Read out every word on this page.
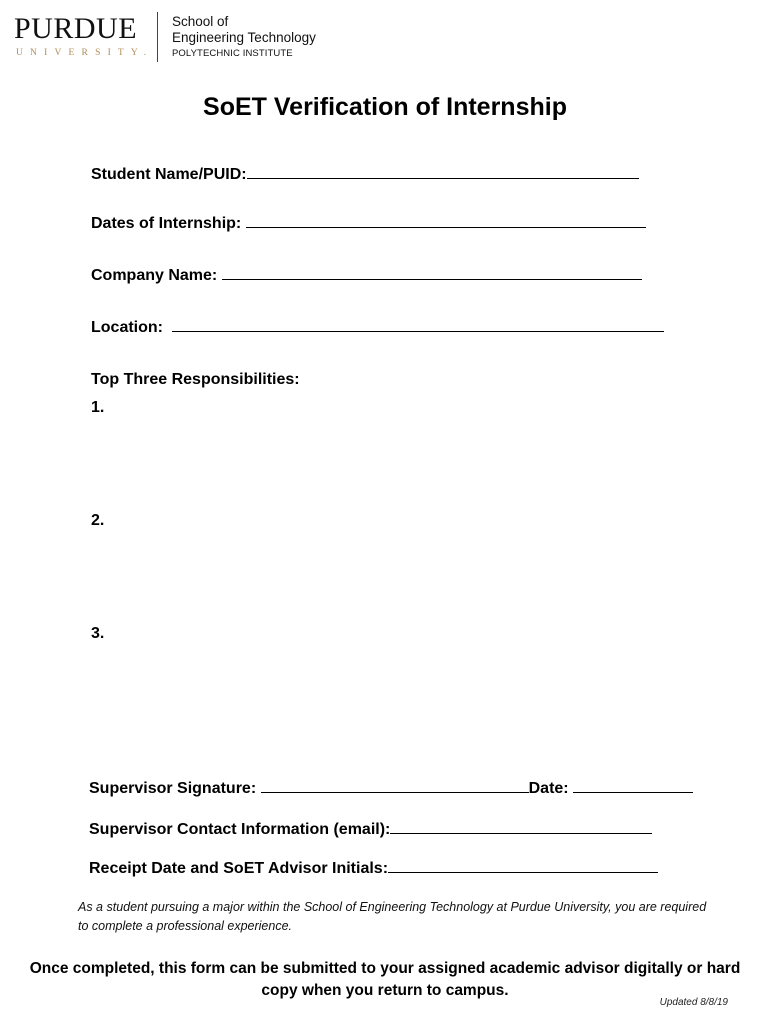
PURDUE
UNIVERSITY.
School of
Engineering Technology
POLYTECHNIC INSTITUTE
SoET Verification of Internship
Student Name/PUID:
Dates of Internship:
Company Name:
Location:
Top Three Responsibilities:
1.
2.
3.
Supervisor Signature:	Date:
Supervisor Contact Information (email):
Receipt Date and SoET Advisor Initials:
As a student pursuing a major within the School of Engineering Technology at Purdue University, you are required to complete a professional experience.
Once completed, this form can be submitted to your assigned academic advisor digitally or hard copy when you return to campus.
Updated 8/8/19
